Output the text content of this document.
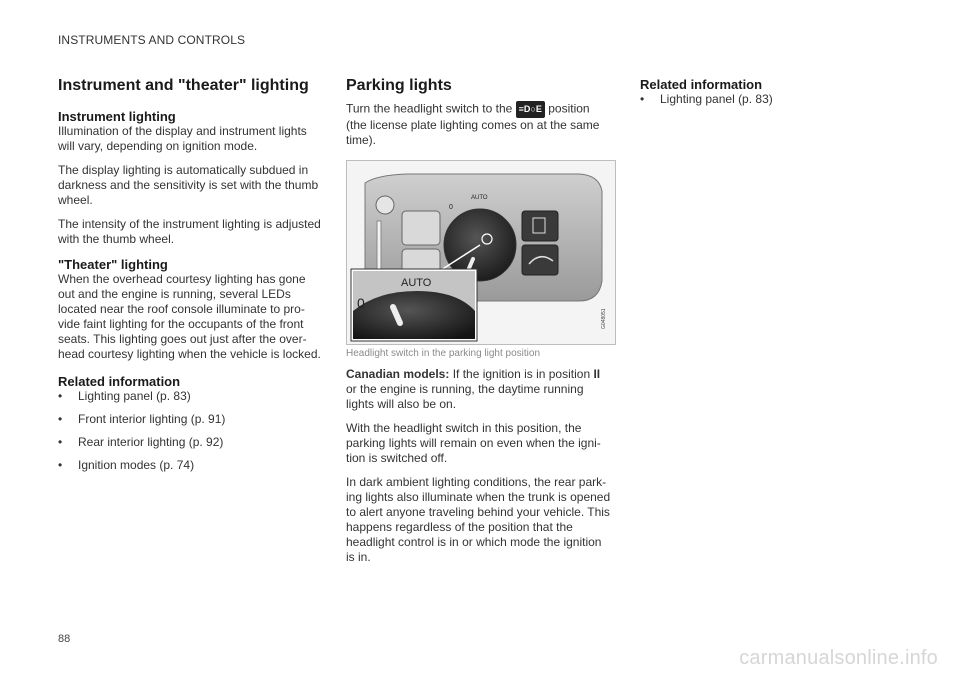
INSTRUMENTS AND CONTROLS
Instrument and "theater" lighting
Instrument lighting

Illumination of the display and instrument lights will vary, depending on ignition mode.

The display lighting is automatically subdued in darkness and the sensitivity is set with the thumb wheel.

The intensity of the instrument lighting is adjusted with the thumb wheel.

"Theater" lighting

When the overhead courtesy lighting has gone out and the engine is running, several LEDs located near the roof console illuminate to pro-vide faint lighting for the occupants of the front seats. This lighting goes out just after the over-head courtesy lighting when the vehicle is locked.

Related information
• Lighting panel (p. 83)
• Front interior lighting (p. 91)
• Rear interior lighting (p. 92)
• Ignition modes (p. 74)
Parking lights

Turn the headlight switch to the ≡D○E position (the license plate lighting comes on at the same time).

0
AUTO
0
AUTO
G048051
Headlight switch in the parking light position

Canadian models: If the ignition is in position II or the engine is running, the daytime running lights will also be on.

With the headlight switch in this position, the parking lights will remain on even when the igni-tion is switched off.

In dark ambient lighting conditions, the rear park-ing lights also illuminate when the trunk is opened to alert anyone traveling behind your vehicle. This happens regardless of the position that the headlight control is in or which mode the ignition is in.

Related information
• Lighting panel (p. 83)
88
carmanualsonline.info
